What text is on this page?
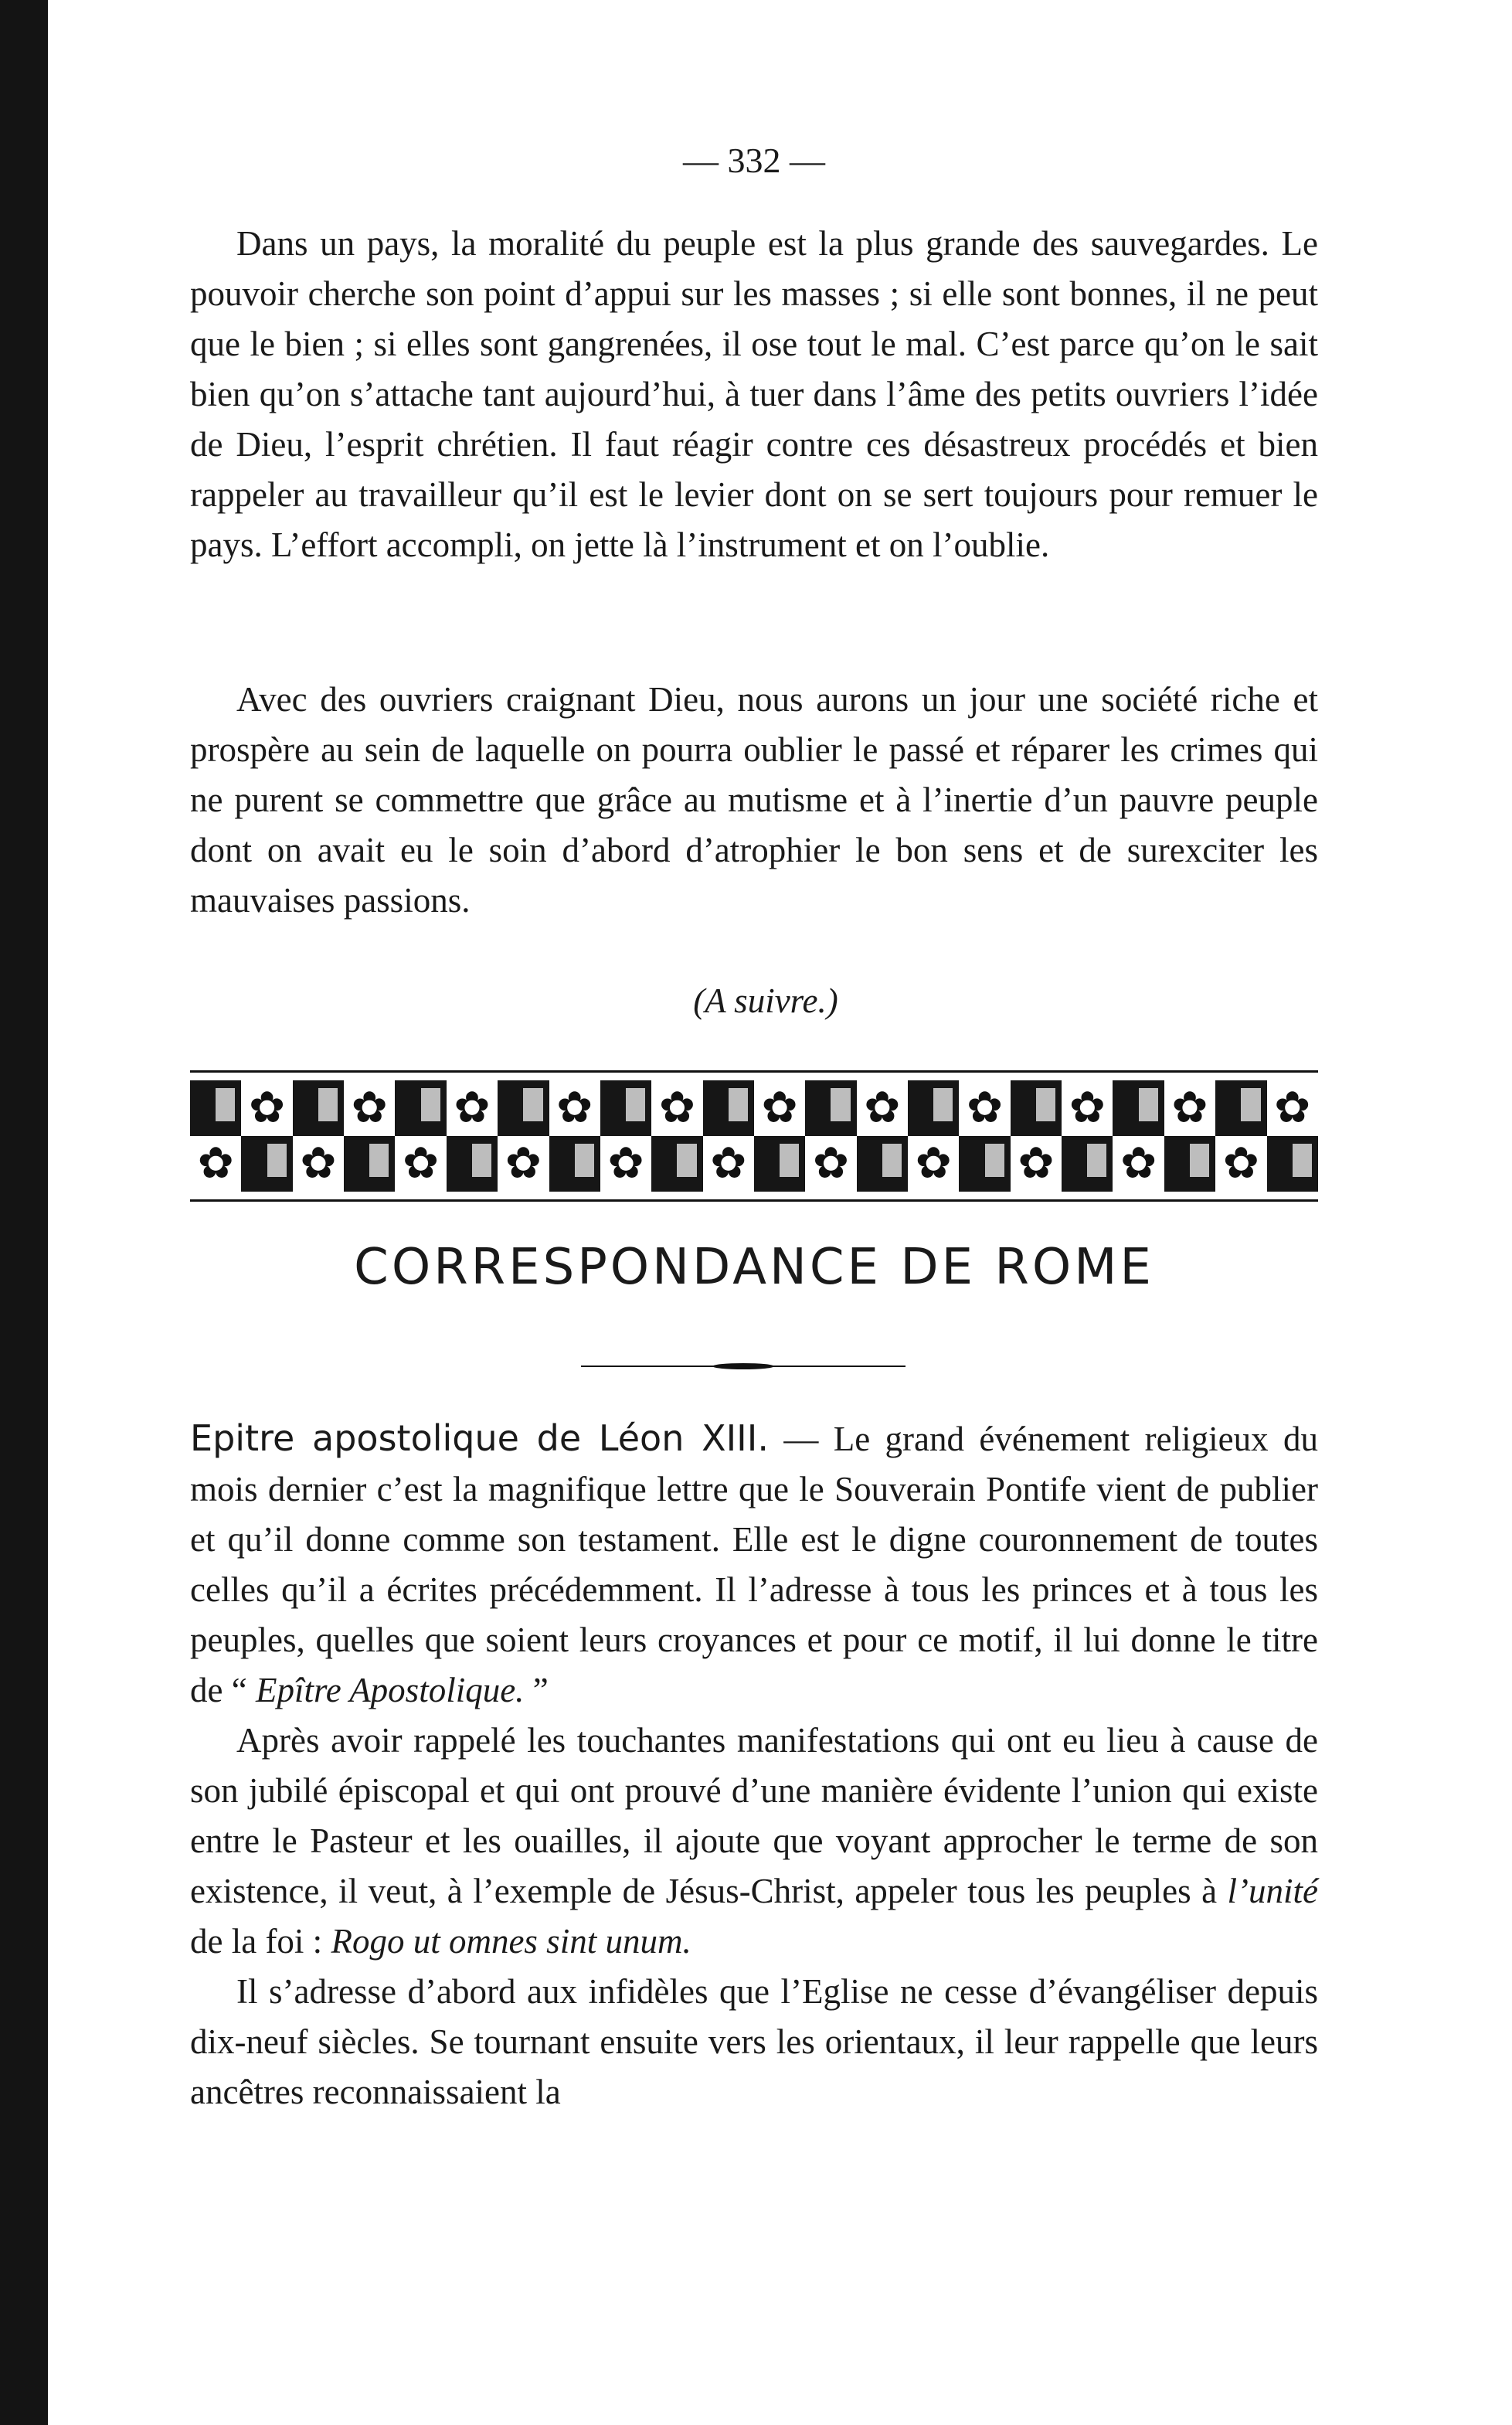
— 332 —

Dans un pays, la moralité du peuple est la plus grande des sauvegardes. Le pouvoir cherche son point d’appui sur les masses ; si elle sont bonnes, il ne peut que le bien ; si elles sont gangrenées, il ose tout le mal. C’est parce qu’on le sait bien qu’on s’attache tant aujourd’hui, à tuer dans l’âme des petits ouvriers l’idée de Dieu, l’esprit chrétien. Il faut réagir contre ces désastreux procédés et bien rappeler au travailleur qu’il est le levier dont on se sert toujours pour remuer le pays. L’effort accompli, on jette là l’instrument et on l’oublie.

Avec des ouvriers craignant Dieu, nous aurons un jour une société riche et prospère au sein de laquelle on pourra oublier le passé et réparer les crimes qui ne purent se commettre que grâce au mutisme et à l’inertie d’un pauvre peuple dont on avait eu le soin d’abord d’atrophier le bon sens et de surexciter les mauvaises passions.

(A suivre.)
✿ ✿ ✿ ✿ ✿ ✿ ✿ ✿ ✿ ✿ ✿
✿ ✿ ✿ ✿ ✿ ✿ ✿ ✿ ✿ ✿ ✿
CORRESPONDANCE DE ROME

Epitre apostolique de Léon XIII. — Le grand événement religieux du mois dernier c’est la magnifique lettre que le Souverain Pontife vient de publier et qu’il donne comme son testament. Elle est le digne couronnement de toutes celles qu’il a écrites précédemment. Il l’adresse à tous les princes et à tous les peuples, quelles que soient leurs croyances et pour ce motif, il lui donne le titre de “ Epître Apostolique. ”

Après avoir rappelé les touchantes manifestations qui ont eu lieu à cause de son jubilé épiscopal et qui ont prouvé d’une manière évidente l’union qui existe entre le Pasteur et les ouailles, il ajoute que voyant approcher le terme de son existence, il veut, à l’exemple de Jésus-Christ, appeler tous les peuples à l’unité de la foi : Rogo ut omnes sint unum.

Il s’adresse d’abord aux infidèles que l’Eglise ne cesse d’évangéliser depuis dix-neuf siècles. Se tournant ensuite vers les orientaux, il leur rappelle que leurs ancêtres reconnaissaient la
